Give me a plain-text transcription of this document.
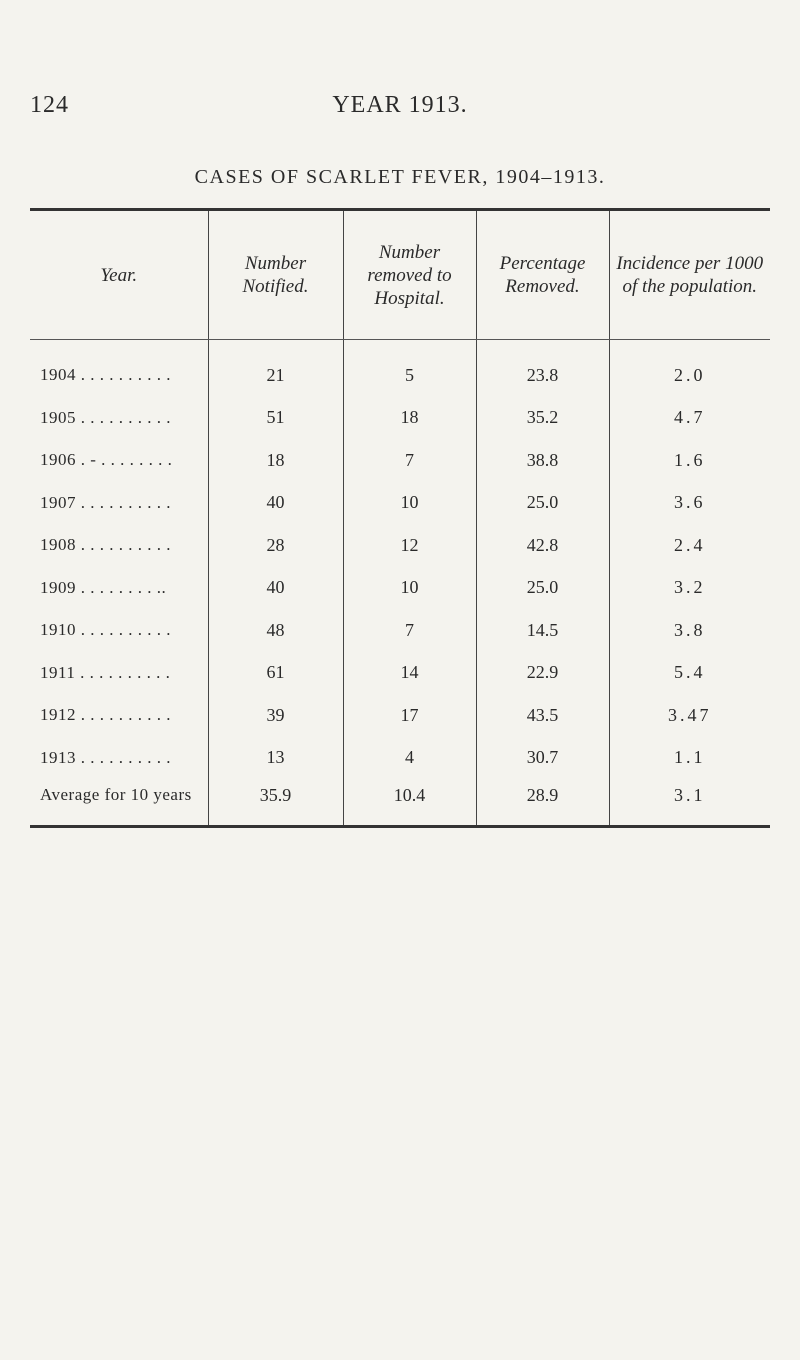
124	YEAR 1913.
CASES OF SCARLET FEVER, 1904–1913.
Year.	Number Notified.	Number removed to Hospital.	Percentage Removed.	Incidence per 1000 of the population.
1904 . . . . . . . . . .	21	5	23.8	2.0
1905 . . . . . . . . . .	51	18	35.2	4.7
1906 . - . . . . . . . .	18	7	38.8	1.6
1907 . . . . . . . . . .	40	10	25.0	3.6
1908 . . . . . . . . . .	28	12	42.8	2.4
1909 . . . . . . . . ..	40	10	25.0	3.2
1910 . . . . . . . . . .	48	7	14.5	3.8
1911 . . . . . . . . . .	61	14	22.9	5.4
1912 . . . . . . . . . .	39	17	43.5	3.47
1913 . . . . . . . . . .	13	4	30.7	1.1
Average for 10 years	35.9	10.4	28.9	3.1
